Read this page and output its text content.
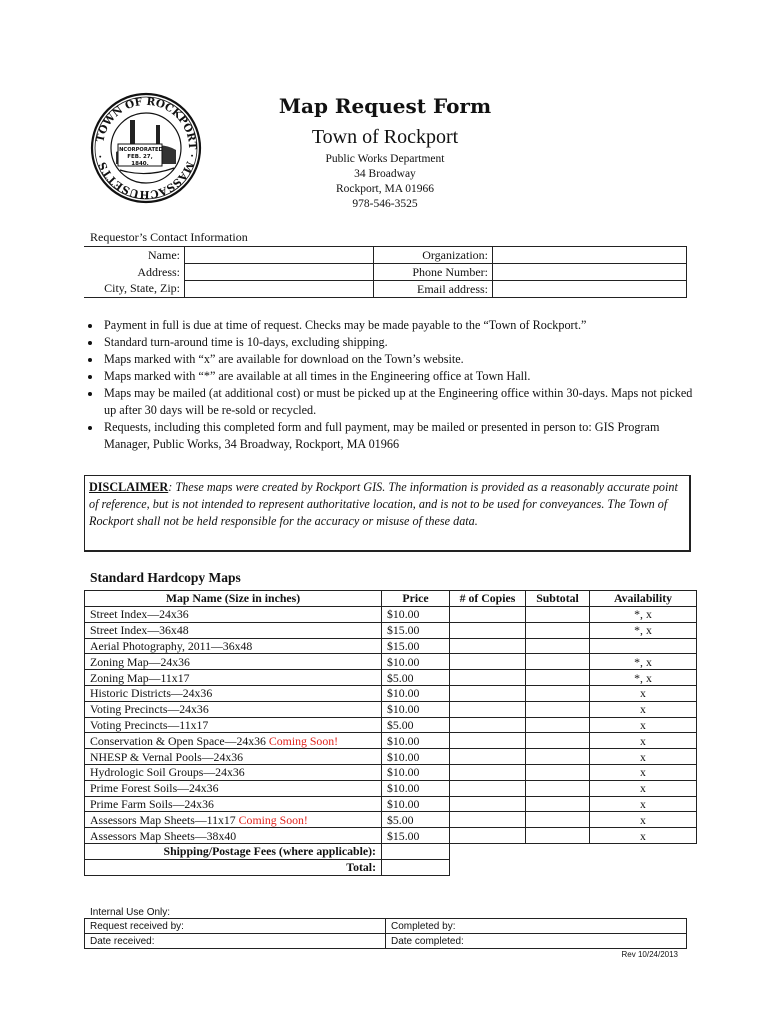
TOWN OF ROCKPORT · MASSACHUSETTS ·
INCORPORATED
FEB. 27,
1840.
Map Request Form
Town of Rockport
Public Works Department
34 Broadway
Rockport, MA 01966
978-546-3525
Requestor’s Contact Information
Name:		Organization:	
Address:		Phone Number:	
City, State, Zip:		Email address:	
• Payment in full is due at time of request. Checks may be made payable to the “Town of Rockport.”
• Standard turn-around time is 10-days, excluding shipping.
• Maps marked with “x” are available for download on the Town’s website.
• Maps marked with “*” are available at all times in the Engineering office at Town Hall.
• Maps may be mailed (at additional cost) or must be picked up at the Engineering office within 30-days. Maps not picked up after 30 days will be re-sold or recycled.
• Requests, including this completed form and full payment, may be mailed or presented in person to: GIS Program Manager, Public Works, 34 Broadway, Rockport, MA 01966
DISCLAIMER: These maps were created by Rockport GIS. The information is provided as a reasonably accurate point of reference, but is not intended to represent authoritative location, and is not to be used for conveyances. The Town of Rockport shall not be held responsible for the accuracy or misuse of these data.
Standard Hardcopy Maps
Map Name (Size in inches)	Price	# of Copies	Subtotal	Availability
Street Index—24x36	$10.00			*, x
Street Index—36x48	$15.00			*, x
Aerial Photography, 2011—36x48	$15.00			
Zoning Map—24x36	$10.00			*, x
Zoning Map—11x17	$5.00			*, x
Historic Districts—24x36	$10.00			x
Voting Precincts—24x36	$10.00			x
Voting Precincts—11x17	$5.00			x
Conservation & Open Space—24x36 Coming Soon!	$10.00			x
NHESP & Vernal Pools—24x36	$10.00			x
Hydrologic Soil Groups—24x36	$10.00			x
Prime Forest Soils—24x36	$10.00			x
Prime Farm Soils—24x36	$10.00			x
Assessors Map Sheets—11x17 Coming Soon!	$5.00			x
Assessors Map Sheets—38x40	$15.00			x
Shipping/Postage Fees (where applicable):				
Total:				
Internal Use Only:
Request received by:	Completed by:
Date received:	Date completed:
Rev 10/24/2013
